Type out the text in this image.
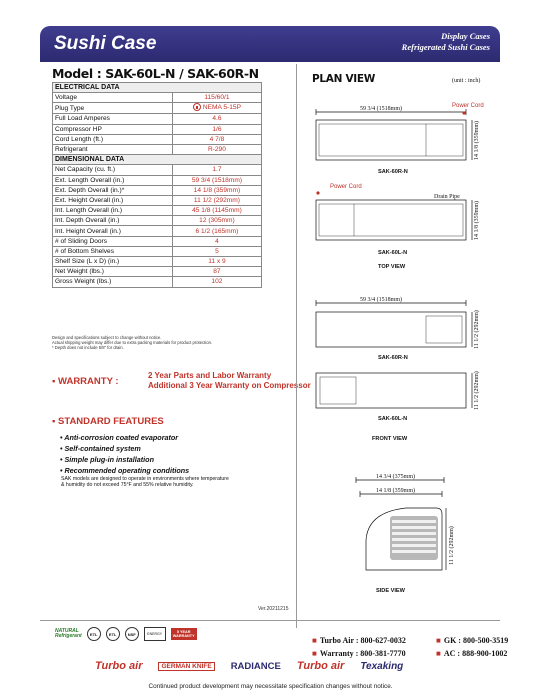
Sushi Case	Display Cases
Refrigerated Sushi Cases
Model : SAK-60L-N / SAK-60R-N
ELECTRICAL DATA	
Voltage	115/60/1
Plug Type	NEMA 5-15P

Full Load Amperes	4.6
Compressor HP	1/6
Cord Length (ft.)	4 7/8
Refrigerant	R-290
DIMENSIONAL DATA	
Net Capacity (cu. ft.)	1.7
Ext. Length Overall (in.)	59 3/4 (1518mm)
Ext. Depth Overall (in.)*	14 1/8 (359mm)
Ext. Height Overall (in.)	11 1/2 (292mm)
Int. Length Overall (in.)	45 1/8 (1145mm)
Int. Depth Overall (in.)	12 (305mm)
Int. Height Overall (in.)	6 1/2 (165mm)
# of Sliding Doors	4
# of Bottom Shelves	5
Shelf Size (L x D) (in.)	11 x 9
Net Weight (lbs.)	87
Gross Weight (lbs.)	102
Design and specifications subject to change without notice.
Actual shipping weight may differ due to extra packing materials for product protection.
* Depth does not include 5/8" for drain.
▪ WARRANTY :
2 Year Parts and Labor Warranty
Additional 3 Year Warranty on Compressor
▪ STANDARD FEATURES
• Anti-corrosion coated evaporator
• Self-contained system
• Simple plug-in installation
• Recommended operating conditions
SAK models are designed to operate in environments where temperature
& humidity do not exceed 75°F and 55% relative humidity.
Ver.20211215
PLAN VIEW	(unit : inch)
59 3/4 (1518mm)	Power Cord
14 1/8 (359mm)
SAK-60R-N
Power Cord
Drain Pipe
14 1/8 (359mm)
SAK-60L-N
TOP VIEW
59 3/4 (1518mm)
11 1/2 (292mm)
SAK-60R-N
11 1/2 (292mm)
SAK-60L-N
FRONT VIEW
14 3/4 (375mm)
14 1/8 (359mm)
11 1/2 (292mm)
SIDE VIEW
NATURAL
Refrigerant	ETL	ETL	NSF	ENERGY	5 YEAR WARRANTY	■ Turbo Air : 800-627-0032	■ GK : 800-500-3519
■ Warranty : 800-381-7770	■ AC : 888-900-1002
Turbo air	GERMAN KNIFE	RADIANCE Turbo air Texaking
Continued product development may necessitate specification changes without notice.
